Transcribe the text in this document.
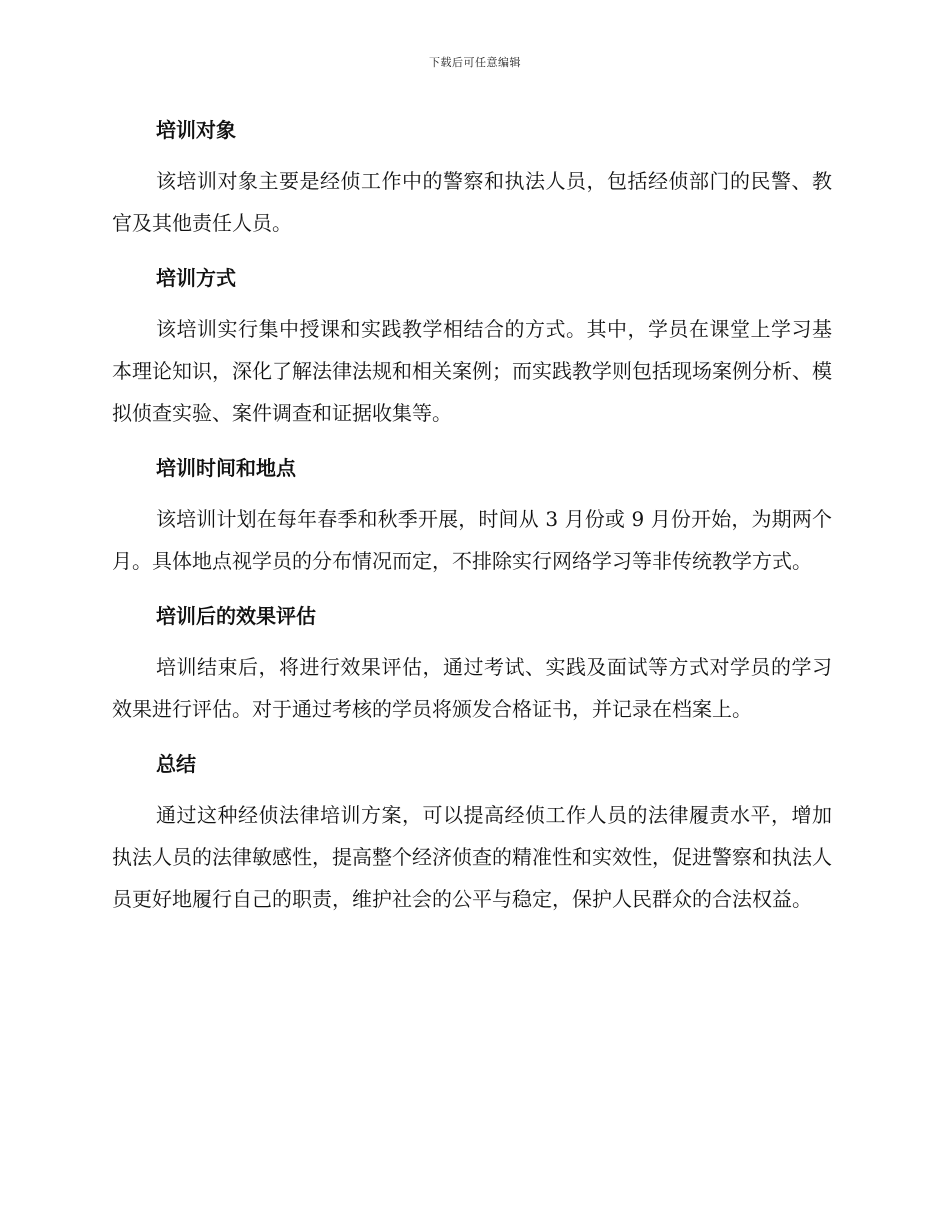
下载后可任意编辑
培训对象

该培训对象主要是经侦工作中的警察和执法人员，包括经侦部门的民警、教官及其他责任人员。

培训方式

该培训实行集中授课和实践教学相结合的方式。其中，学员在课堂上学习基本理论知识，深化了解法律法规和相关案例；而实践教学则包括现场案例分析、模拟侦查实验、案件调查和证据收集等。

培训时间和地点

该培训计划在每年春季和秋季开展，时间从 3 月份或 9 月份开始，为期两个月。具体地点视学员的分布情况而定，不排除实行网络学习等非传统教学方式。

培训后的效果评估

培训结束后，将进行效果评估，通过考试、实践及面试等方式对学员的学习效果进行评估。对于通过考核的学员将颁发合格证书，并记录在档案上。

总结

通过这种经侦法律培训方案，可以提高经侦工作人员的法律履责水平，增加执法人员的法律敏感性，提高整个经济侦查的精准性和实效性，促进警察和执法人员更好地履行自己的职责，维护社会的公平与稳定，保护人民群众的合法权益。
